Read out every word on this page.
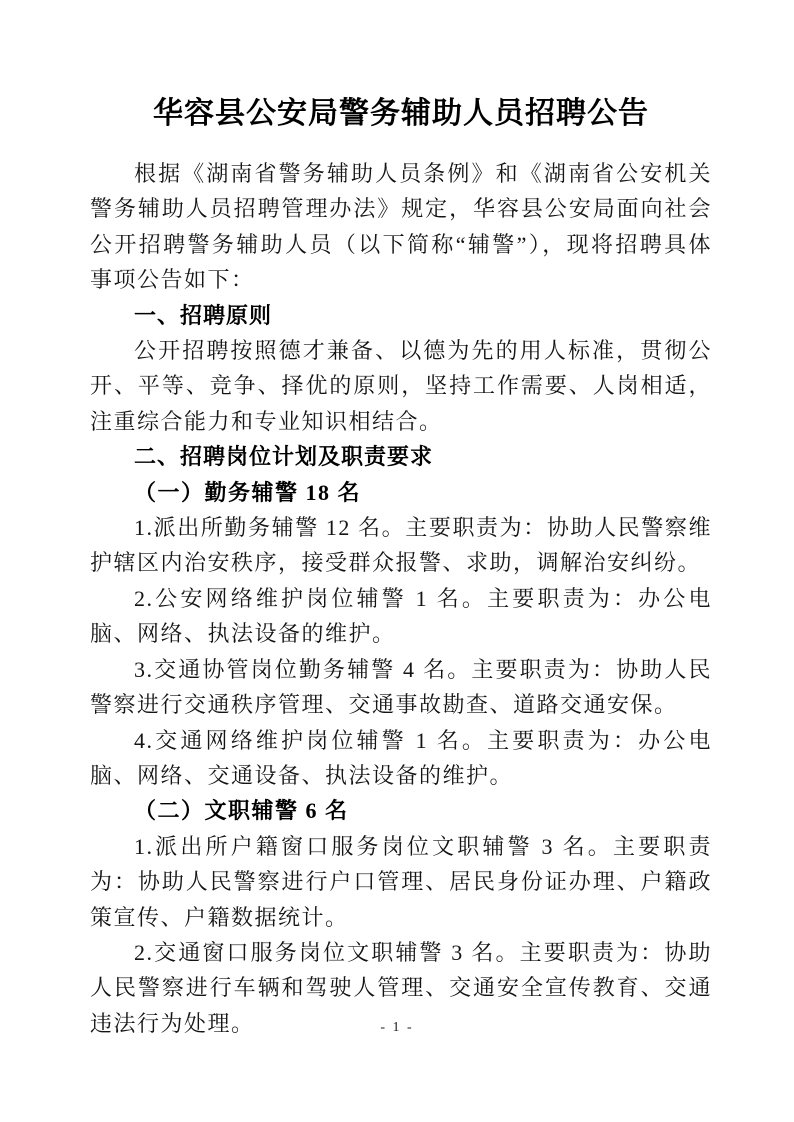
华容县公安局警务辅助人员招聘公告

根据《湖南省警务辅助人员条例》和《湖南省公安机关警务辅助人员招聘管理办法》规定，华容县公安局面向社会公开招聘警务辅助人员（以下简称“辅警”），现将招聘具体事项公告如下：

一、招聘原则

公开招聘按照德才兼备、以德为先的用人标准，贯彻公开、平等、竞争、择优的原则，坚持工作需要、人岗相适，注重综合能力和专业知识相结合。

二、招聘岗位计划及职责要求

（一）勤务辅警 18 名

1.派出所勤务辅警 12 名。主要职责为：协助人民警察维护辖区内治安秩序，接受群众报警、求助，调解治安纠纷。

2.公安网络维护岗位辅警 1 名。主要职责为：办公电脑、网络、执法设备的维护。

3.交通协管岗位勤务辅警 4 名。主要职责为：协助人民警察进行交通秩序管理、交通事故勘查、道路交通安保。

4.交通网络维护岗位辅警 1 名。主要职责为：办公电脑、网络、交通设备、执法设备的维护。

（二）文职辅警 6 名

1.派出所户籍窗口服务岗位文职辅警 3 名。主要职责为：协助人民警察进行户口管理、居民身份证办理、户籍政策宣传、户籍数据统计。

2.交通窗口服务岗位文职辅警 3 名。主要职责为：协助人民警察进行车辆和驾驶人管理、交通安全宣传教育、交通违法行为处理。	- 1 -
